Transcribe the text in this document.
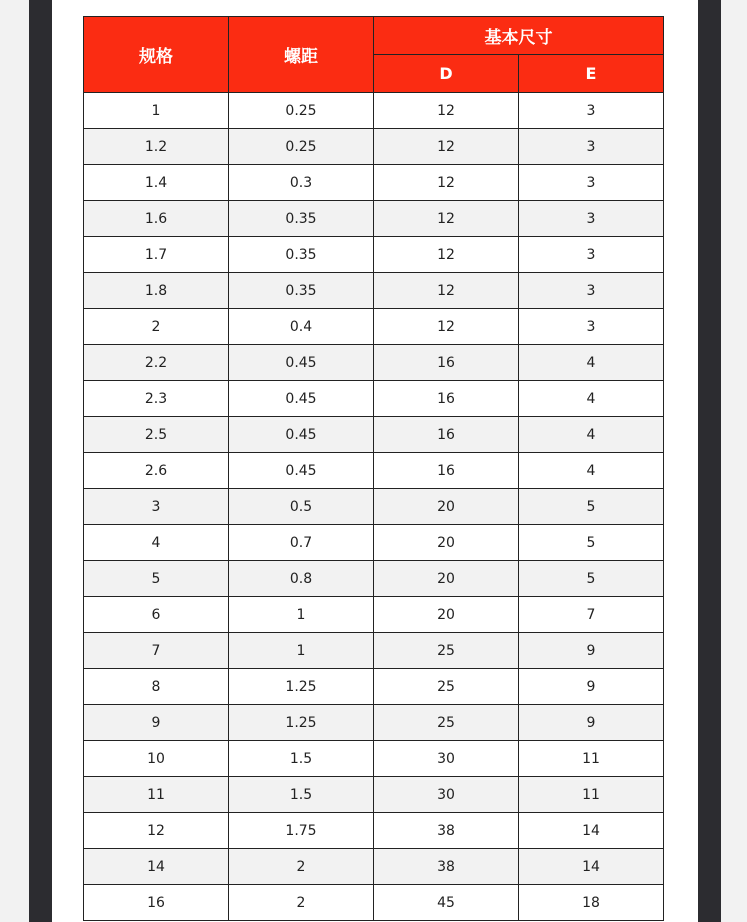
规格	螺距	基本尺寸	
		D	E
1	0.25	12	3
1.2	0.25	12	3
1.4	0.3	12	3
1.6	0.35	12	3
1.7	0.35	12	3
1.8	0.35	12	3
2	0.4	12	3
2.2	0.45	16	4
2.3	0.45	16	4
2.5	0.45	16	4
2.6	0.45	16	4
3	0.5	20	5
4	0.7	20	5
5	0.8	20	5
6	1	20	7
7	1	25	9
8	1.25	25	9
9	1.25	25	9
10	1.5	30	11
11	1.5	30	11
12	1.75	38	14
14	2	38	14
16	2	45	18
